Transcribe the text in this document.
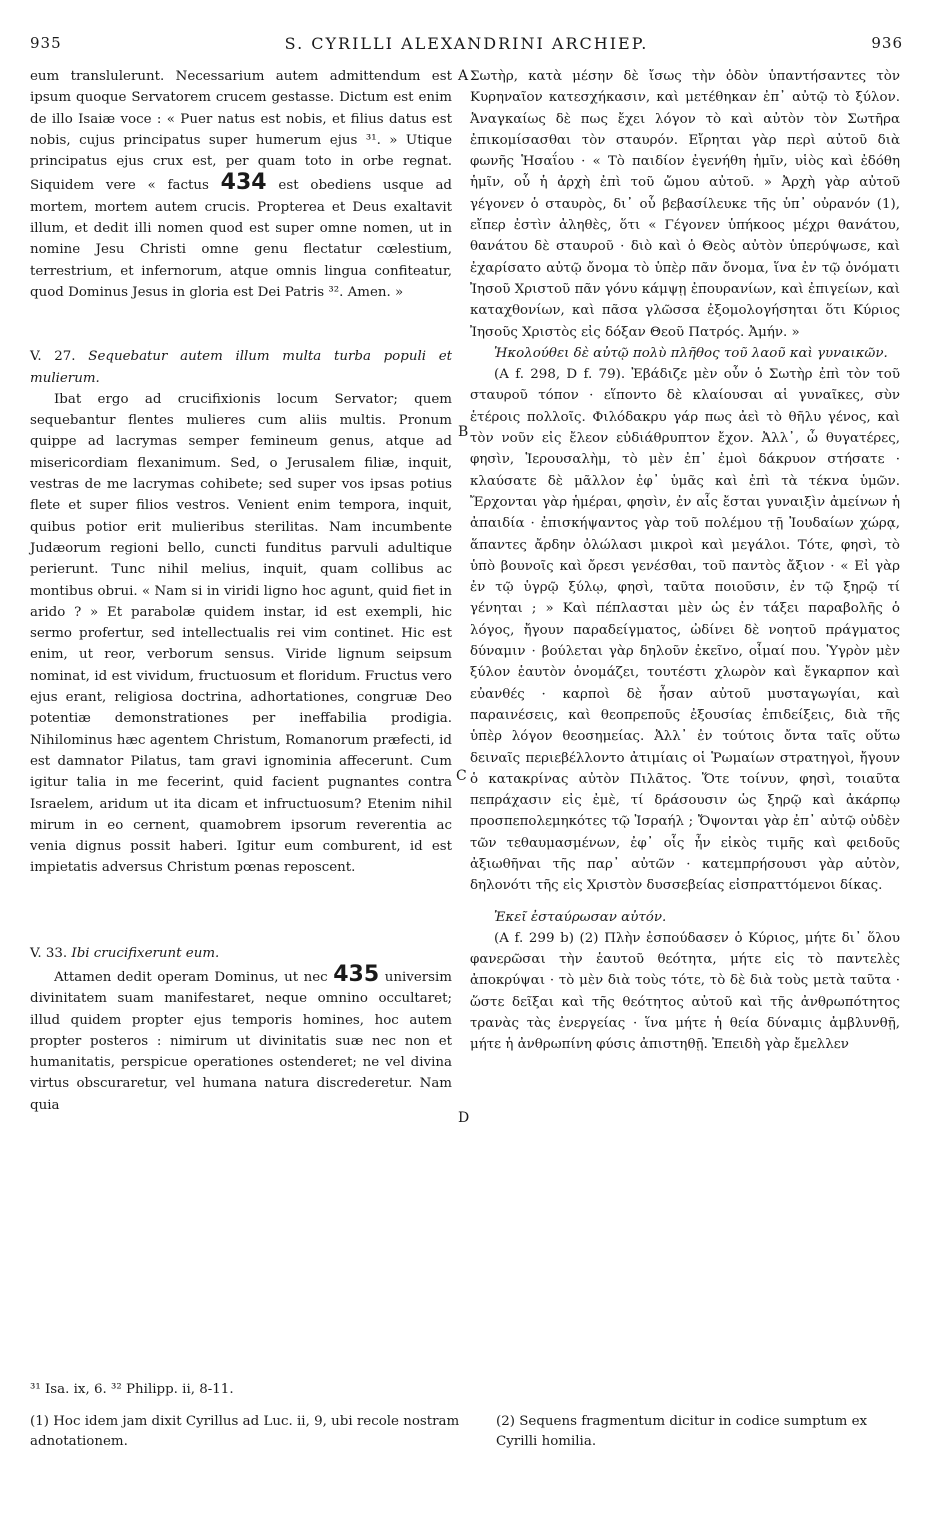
935	S. CYRILLI ALEXANDRINI ARCHIEP.	936
A
B
C
D

eum translulerunt. Necessarium autem admittendum est ipsum quoque Servatorem crucem gestasse. Dictum est enim de illo Isaiæ voce : « Puer natus est nobis, et filius datus est nobis, cujus principatus super humerum ejus ³¹. » Utique principatus ejus crux est, per quam toto in orbe regnat. Siquidem vere « factus 434 est obediens usque ad mortem, mortem autem crucis. Propterea et Deus exaltavit illum, et dedit illi nomen quod est super omne nomen, ut in nomine Jesu Christi omne genu flectatur cœlestium, terrestrium, et infernorum, atque omnis lingua confiteatur, quod Dominus Jesus in gloria est Dei Patris ³². Amen. »

V. 27. Sequebatur autem illum multa turba populi et mulierum.

Ibat ergo ad crucifixionis locum Servator; quem sequebantur flentes mulieres cum aliis multis. Pronum quippe ad lacrymas semper femineum genus, atque ad misericordiam flexanimum. Sed, o Jerusalem filiæ, inquit, vestras de me lacrymas cohibete; sed super vos ipsas potius flete et super filios vestros. Venient enim tempora, inquit, quibus potior erit mulieribus sterilitas. Nam incumbente Judæorum regioni bello, cuncti funditus parvuli adultique perierunt. Tunc nihil melius, inquit, quam collibus ac montibus obrui. « Nam si in viridi ligno hoc agunt, quid fiet in arido ? » Et parabolæ quidem instar, id est exempli, hic sermo profertur, sed intellectualis rei vim continet. Hic est enim, ut reor, verborum sensus. Viride lignum seipsum nominat, id est vividum, fructuosum et floridum. Fructus vero ejus erant, religiosa doctrina, adhortationes, congruæ Deo potentiæ demonstrationes per ineffabilia prodigia. Nihilominus hæc agentem Christum, Romanorum præfecti, id est damnator Pilatus, tam gravi ignominia affecerunt. Cum igitur talia in me fecerint, quid facient pugnantes contra Israelem, aridum ut ita dicam et infructuosum? Etenim nihil mirum in eo cernent, quamobrem ipsorum reverentia ac venia dignus possit haberi. Igitur eum comburent, id est impietatis adversus Christum pœnas reposcent.

V. 33. Ibi crucifixerunt eum.

Attamen dedit operam Dominus, ut nec 435 universim divinitatem suam manifestaret, neque omnino occultaret; illud quidem propter ejus temporis homines, hoc autem propter posteros : nimirum ut divinitatis suæ nec non et humanitatis, perspicue operationes ostenderet; ne vel divina virtus obscuraretur, vel humana natura discrederetur. Nam quia

Σωτὴρ, κατὰ μέσην δὲ ἴσως τὴν ὁδὸν ὑπαντήσαντες τὸν Κυρηναῖον κατεσχήκασιν, καὶ μετέθηκαν ἐπ᾿ αὐτῷ τὸ ξύλον. Ἀναγκαίως δὲ πως ἔχει λόγον τὸ καὶ αὐτὸν τὸν Σωτῆρα ἐπικομίσασθαι τὸν σταυρόν. Εἴρηται γὰρ περὶ αὐτοῦ διὰ φωνῆς Ἡσαΐου · « Τὸ παιδίον ἐγενήθη ἡμῖν, υἱὸς καὶ ἐδόθη ἡμῖν, οὗ ἡ ἀρχὴ ἐπὶ τοῦ ὤμου αὐτοῦ. » Ἀρχὴ γὰρ αὐτοῦ γέγονεν ὁ σταυρὸς, δι᾿ οὗ βεβασίλευκε τῆς ὑπ᾿ οὐρανόν (1), εἴπερ ἐστὶν ἀληθὲς, ὅτι « Γέγονεν ὑπήκοος μέχρι θανάτου, θανάτου δὲ σταυροῦ · διὸ καὶ ὁ Θεὸς αὐτὸν ὑπερύψωσε, καὶ ἐχαρίσατο αὐτῷ ὄνομα τὸ ὑπὲρ πᾶν ὄνομα, ἵνα ἐν τῷ ὀνόματι Ἰησοῦ Χριστοῦ πᾶν γόνυ κάμψῃ ἐπουρανίων, καὶ ἐπιγείων, καὶ καταχθονίων, καὶ πᾶσα γλῶσσα ἐξομολογήσηται ὅτι Κύριος Ἰησοῦς Χριστὸς εἰς δόξαν Θεοῦ Πατρός. Ἀμήν. »

Ἠκολούθει δὲ αὐτῷ πολὺ πλῆθος τοῦ λαοῦ καὶ γυναικῶν.

(A f. 298, D f. 79). Ἐβάδιζε μὲν οὖν ὁ Σωτὴρ ἐπὶ τὸν τοῦ σταυροῦ τόπον · εἵποντο δὲ κλαίουσαι αἱ γυναῖκες, σὺν ἑτέροις πολλοῖς. Φιλόδακρυ γάρ πως ἀεὶ τὸ θῆλυ γένος, καὶ τὸν νοῦν εἰς ἔλεον εὐδιάθρυπτον ἔχον. Ἀλλ᾿, ὦ θυγατέρες, φησὶν, Ἱερουσαλὴμ, τὸ μὲν ἐπ᾿ ἐμοὶ δάκρυον στήσατε · κλαύσατε δὲ μᾶλλον ἐφ᾿ ὑμᾶς καὶ ἐπὶ τὰ τέκνα ὑμῶν. Ἔρχονται γὰρ ἡμέραι, φησὶν, ἐν αἷς ἔσται γυναιξὶν ἀμείνων ἡ ἀπαιδία · ἐπισκήψαντος γὰρ τοῦ πολέμου τῇ Ἰουδαίων χώρᾳ, ἅπαντες ἄρδην ὀλώλασι μικροὶ καὶ μεγάλοι. Τότε, φησὶ, τὸ ὑπὸ βουνοῖς καὶ ὄρεσι γενέσθαι, τοῦ παντὸς ἄξιον · « Εἰ γὰρ ἐν τῷ ὑγρῷ ξύλῳ, φησὶ, ταῦτα ποιοῦσιν, ἐν τῷ ξηρῷ τί γένηται ; » Καὶ πέπλασται μὲν ὡς ἐν τάξει παραβολῆς ὁ λόγος, ἤγουν παραδείγματος, ὠδίνει δὲ νοητοῦ πράγματος δύναμιν · βούλεται γὰρ δηλοῦν ἐκεῖνο, οἶμαί που. Ὑγρὸν μὲν ξύλον ἑαυτὸν ὀνομάζει, τουτέστι χλωρὸν καὶ ἔγκαρπον καὶ εὐανθές · καρποὶ δὲ ἦσαν αὐτοῦ μυσταγωγίαι, καὶ παραινέσεις, καὶ θεοπρεποῦς ἐξουσίας ἐπιδείξεις, διὰ τῆς ὑπὲρ λόγον θεοσημείας. Ἀλλ᾿ ἐν τούτοις ὄντα ταῖς οὕτω δειναῖς περιεβέλλοντο ἀτιμίαις οἱ Ῥωμαίων στρατηγοὶ, ἤγουν ὁ κατακρίνας αὐτὸν Πιλᾶτος. Ὅτε τοίνυν, φησὶ, τοιαῦτα πεπράχασιν εἰς ἐμὲ, τί δράσουσιν ὡς ξηρῷ καὶ ἀκάρπῳ προσπεπολεμηκότες τῷ Ἰσραήλ ; Ὄψονται γὰρ ἐπ᾿ αὐτῷ οὐδὲν τῶν τεθαυμασμένων, ἐφ᾿ οἷς ἦν εἰκὸς τιμῆς καὶ φειδοῦς ἀξιωθῆναι τῆς παρ᾿ αὐτῶν · κατεμπρήσουσι γὰρ αὐτὸν, δηλονότι τῆς εἰς Χριστὸν δυσσεβείας εἰσπραττόμενοι δίκας.

Ἐκεῖ ἐσταύρωσαν αὐτόν.

(A f. 299 b) (2) Πλὴν ἐσπούδασεν ὁ Κύριος, μήτε δι᾿ ὅλου φανερῶσαι τὴν ἑαυτοῦ θεότητα, μήτε εἰς τὸ παντελὲς ἀποκρύψαι · τὸ μὲν διὰ τοὺς τότε, τὸ δὲ διὰ τοὺς μετὰ ταῦτα · ὥστε δεῖξαι καὶ τῆς θεότητος αὐτοῦ καὶ τῆς ἀνθρωπότητος τρανὰς τὰς ἐνεργείας · ἵνα μήτε ἡ θεία δύναμις ἀμβλυνθῇ, μήτε ἡ ἀνθρωπίνη φύσις ἀπιστηθῇ. Ἐπειδὴ γὰρ ἔμελλεν

³¹ Isa. ix, 6. ³² Philipp. ii, 8-11.

(1) Hoc idem jam dixit Cyrillus ad Luc. ii, 9, ubi recole nostram adnotationem.

(2) Sequens fragmentum dicitur in codice sumptum ex Cyrilli homilia.
